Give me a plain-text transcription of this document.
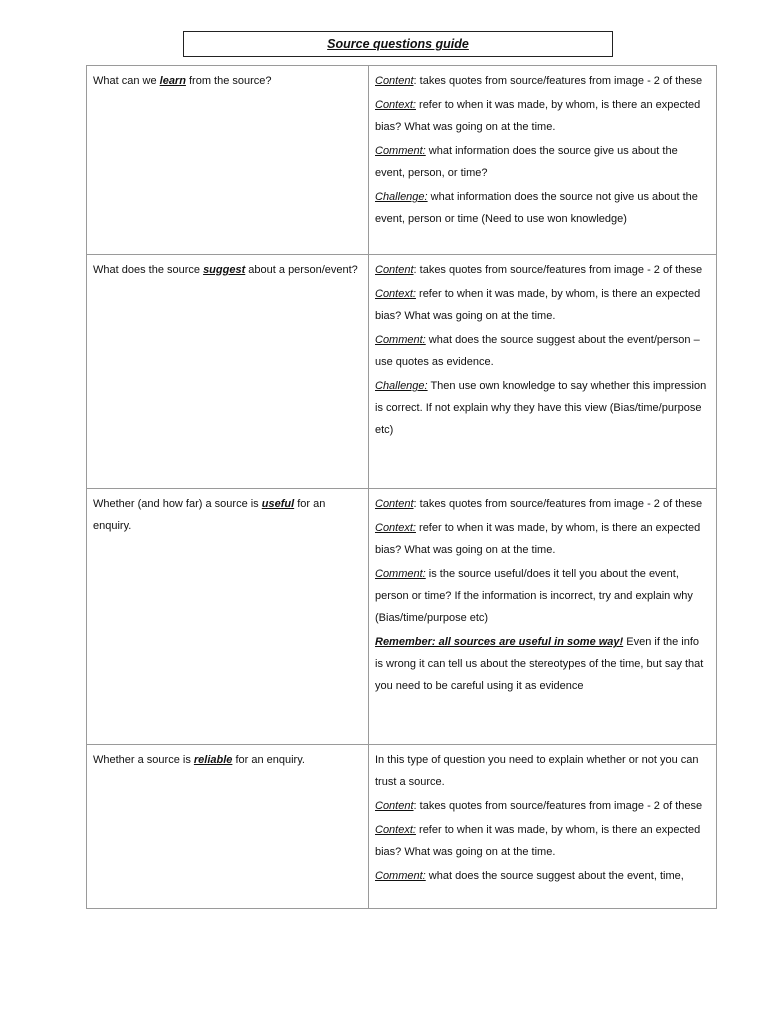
Source questions guide
What can we learn from the source?	Content: takes quotes from source/features from image - 2 of these
Context: refer to when it was made, by whom, is there an expected bias? What was going on at the time.
Comment: what information does the source give us about the event, person, or time?
Challenge: what information does the source not give us about the event, person or time (Need to use won knowledge)

What does the source suggest about a person/event?	Content: takes quotes from source/features from image - 2 of these
Context: refer to when it was made, by whom, is there an expected bias? What was going on at the time.
Comment: what does the source suggest about the event/person – use quotes as evidence.
Challenge: Then use own knowledge to say whether this impression is correct. If not explain why they have this view (Bias/time/purpose etc)

Whether (and how far) a source is useful for an enquiry.	Content: takes quotes from source/features from image - 2 of these
Context: refer to when it was made, by whom, is there an expected bias? What was going on at the time.
Comment: is the source useful/does it tell you about the event, person or time? If the information is incorrect, try and explain why (Bias/time/purpose etc)
Remember: all sources are useful in some way! Even if the info is wrong it can tell us about the stereotypes of the time, but say that you need to be careful using it as evidence

Whether a source is reliable for an enquiry.	In this type of question you need to explain whether or not you can trust a source.
Content: takes quotes from source/features from image - 2 of these
Context: refer to when it was made, by whom, is there an expected bias? What was going on at the time.
Comment: what does the source suggest about the event, time,
